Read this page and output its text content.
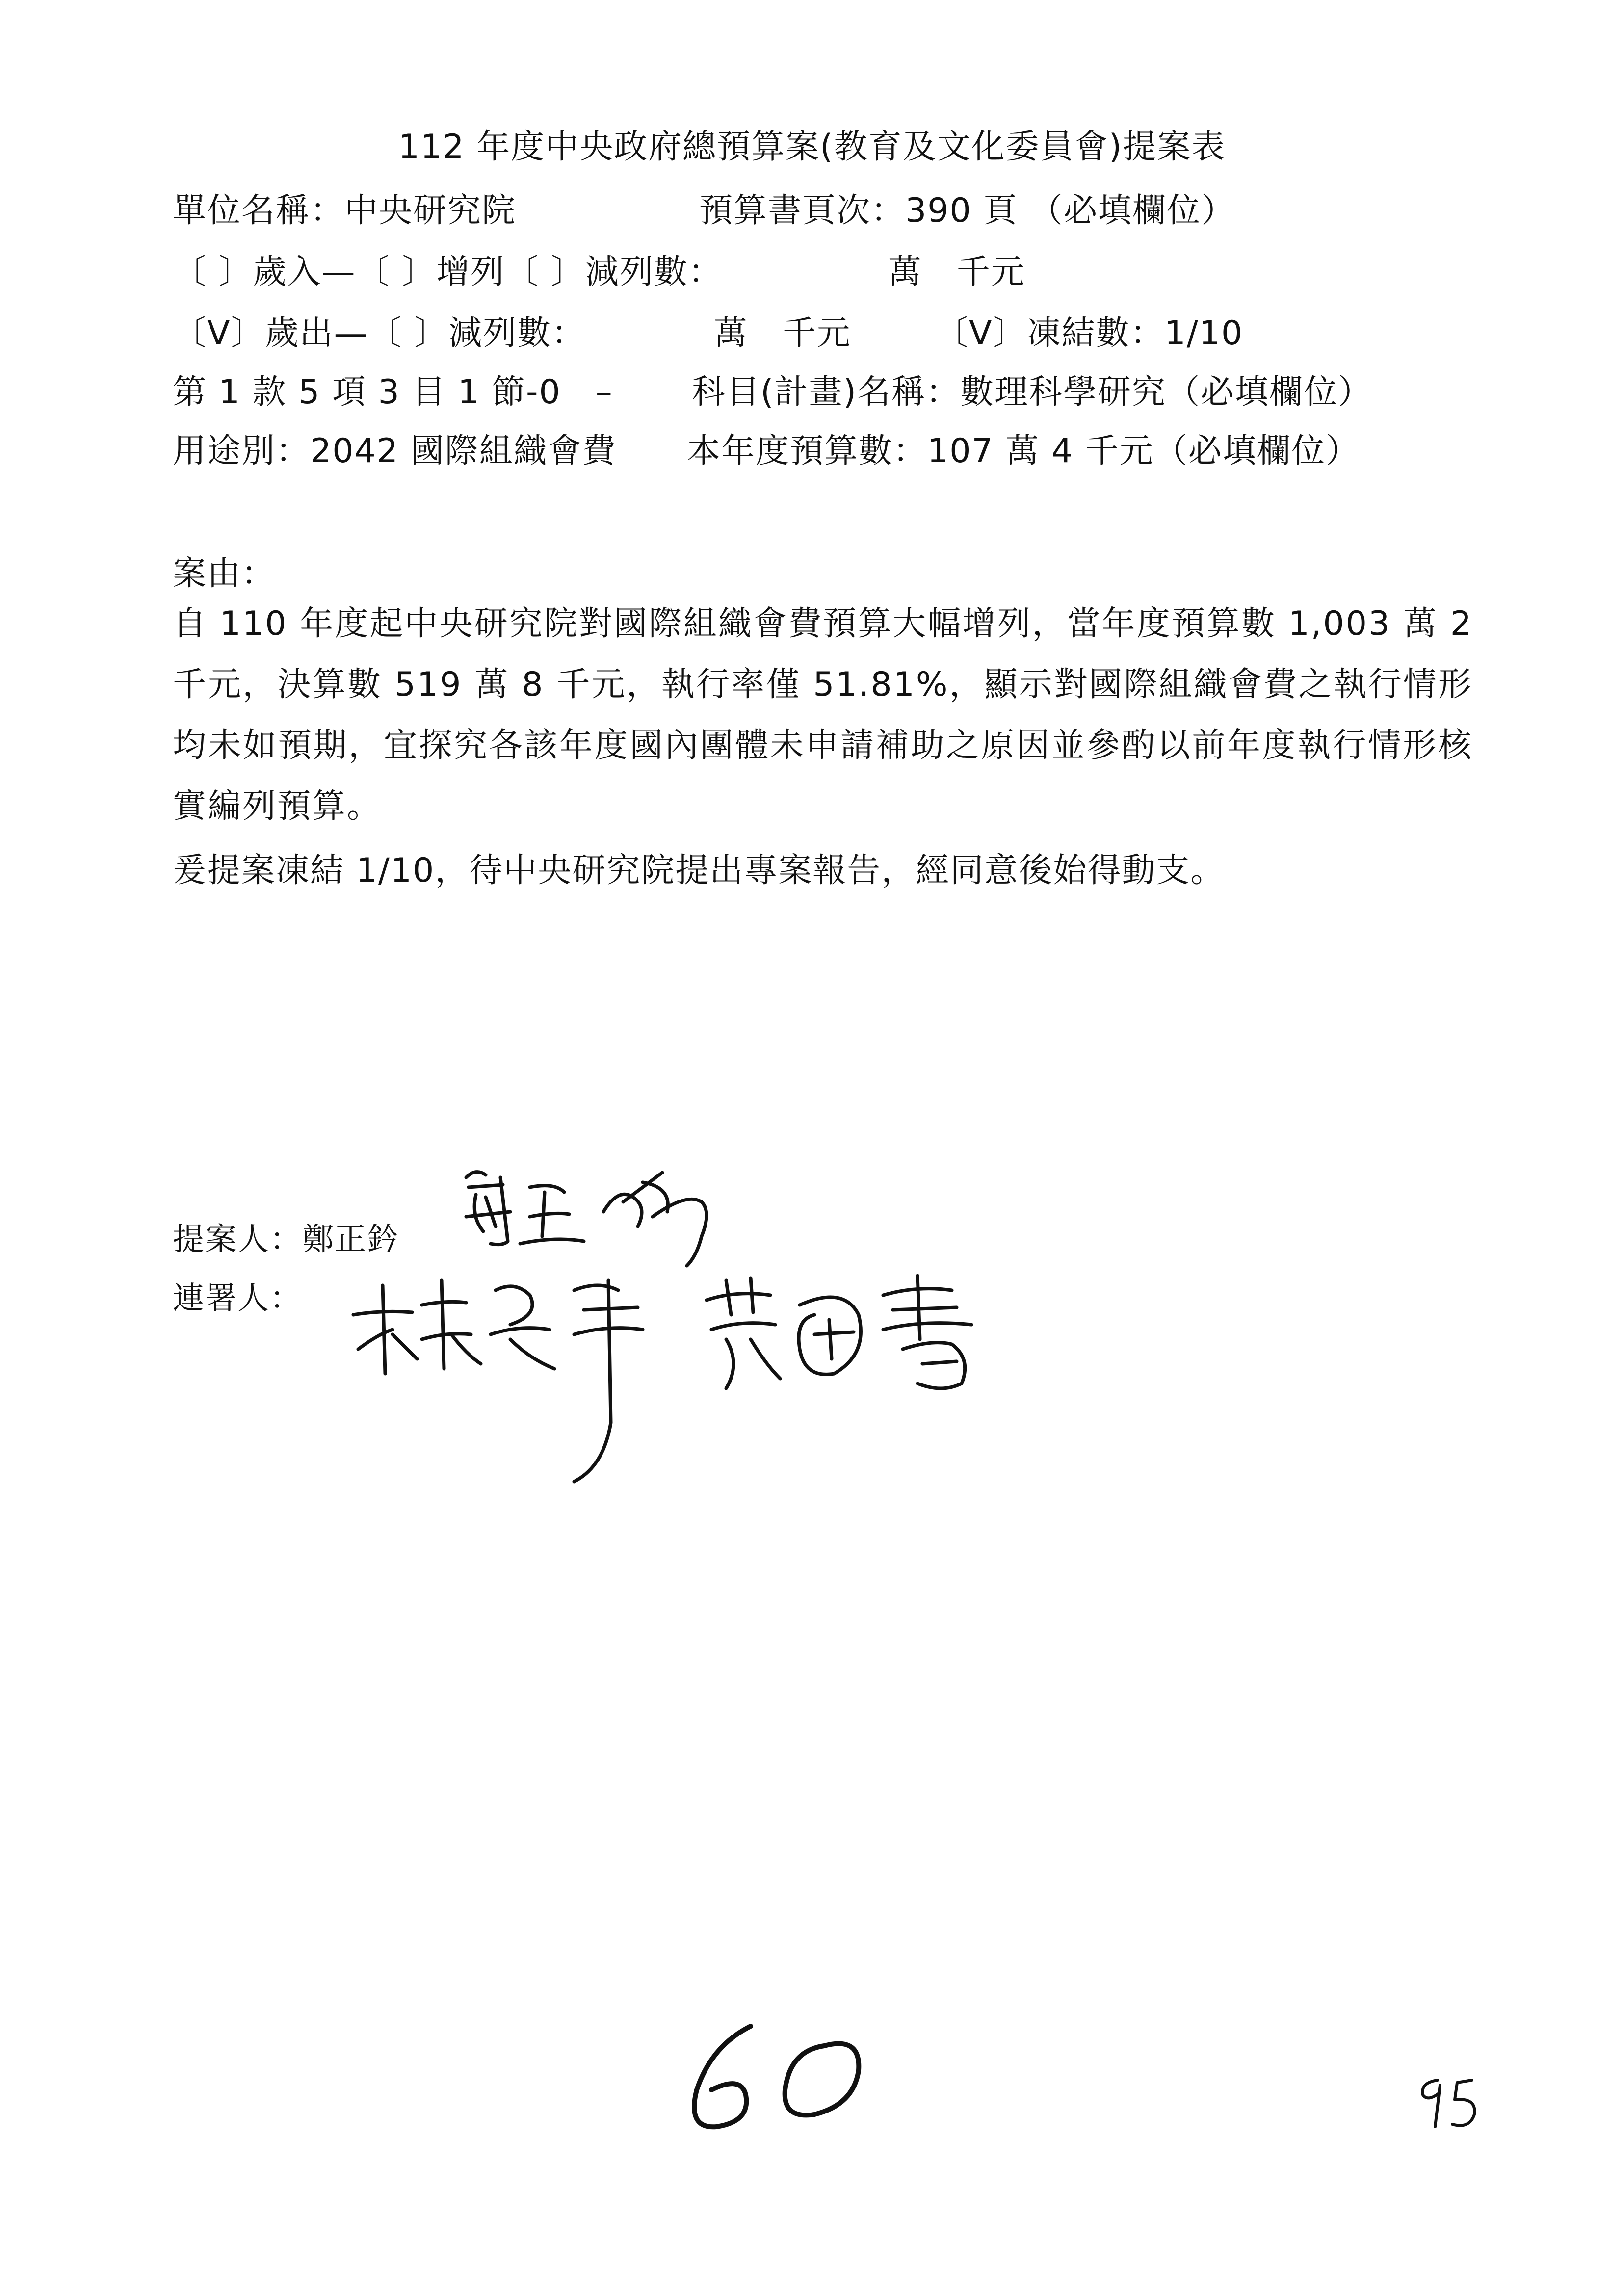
112 年度中央政府總預算案(教育及文化委員會)提案表
單位名稱：中央研究院	預算書頁次：390 頁 （必填欄位）
〔 〕歲入—〔 〕增列〔 〕減列數：	萬　千元
〔V〕歲出—〔 〕減列數：	萬　千元 〔V〕凍結數：1/10
第 1 款 5 項 3 目 1 節-0　– 科目(計畫)名稱：數理科學研究（必填欄位）
用途別：2042 國際組織會費 本年度預算數：107 萬 4 千元（必填欄位）
案由：
自 110 年度起中央研究院對國際組織會費預算大幅增列，當年度預算數 1,003 萬 2 千元，決算數 519 萬 8 千元，執行率僅 51.81%，顯示對國際組織會費之執行情形均未如預期，宜探究各該年度國內團體未申請補助之原因並參酌以前年度執行情形核實編列預算。
爰提案凍結 1/10，待中央研究院提出專案報告，經同意後始得動支。
提案人：鄭正鈐
連署人：
